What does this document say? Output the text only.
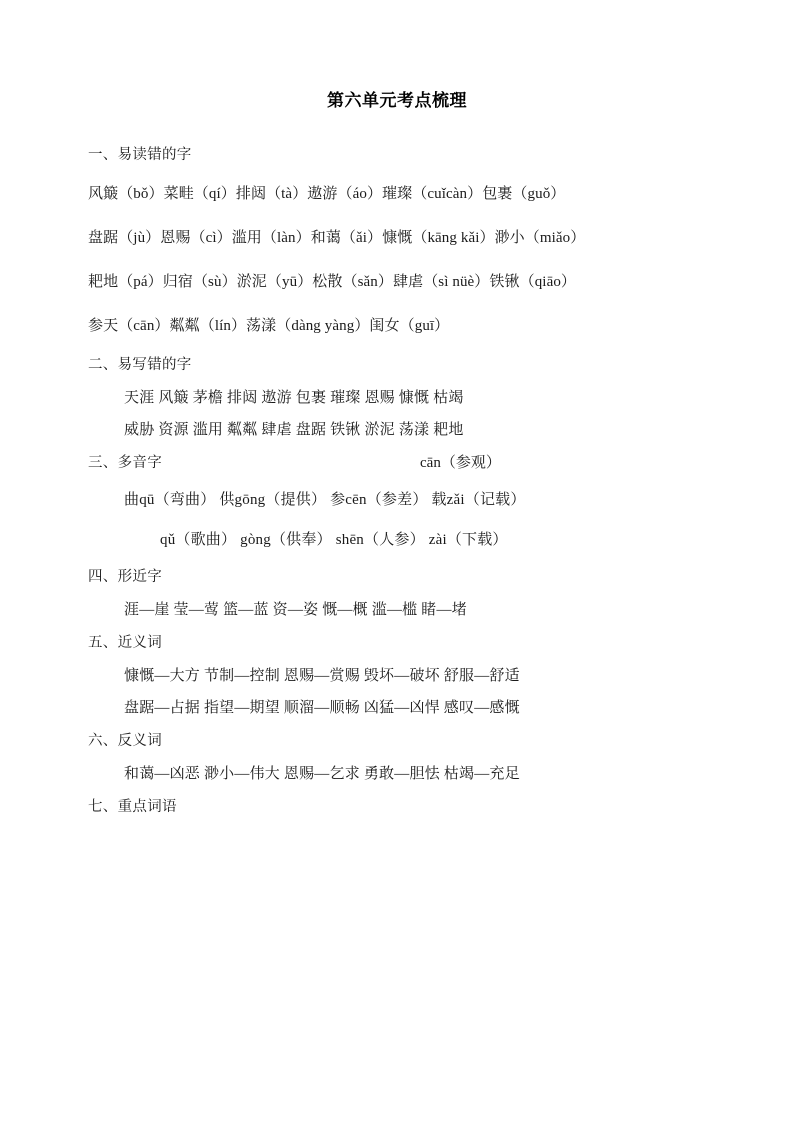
第六单元考点梳理
一、易读错的字
风簸（bǒ）菜畦（qí）排闼（tà）遨游（áo）璀璨（cuǐcàn）包裹（guǒ）
盘踞（jù）恩赐（cì）滥用（làn）和蔼（ǎi）慷慨（kāng kǎi）渺小（miǎo）
耙地（pá）归宿（sù）淤泥（yū）松散（sǎn）肆虐（sì nüè）铁锹（qiāo）
参天（cān）粼粼（lín）荡漾（dàng yàng）闺女（guī）
二、易写错的字
天涯 风簸 茅檐 排闼 遨游 包裹 璀璨 恩赐 慷慨 枯竭
威胁 资源 滥用 粼粼 肆虐 盘踞 铁锹 淤泥 荡漾 耙地
三、多音字	cān（参观）
曲qū（弯曲） 供gōng（提供） 参cēn（参差） 载zǎi（记载）
qǔ（歌曲） gòng（供奉） shēn（人参） zài（下载）
四、形近字
涯—崖 莹—莺 篮—蓝 资—姿 慨—概 滥—槛 睹—堵
五、近义词
慷慨—大方 节制—控制 恩赐—赏赐 毁坏—破坏 舒服—舒适
盘踞—占据 指望—期望 顺溜—顺畅 凶猛—凶悍 感叹—感慨
六、反义词
和蔼—凶恶 渺小—伟大 恩赐—乞求 勇敢—胆怯 枯竭—充足
七、重点词语
